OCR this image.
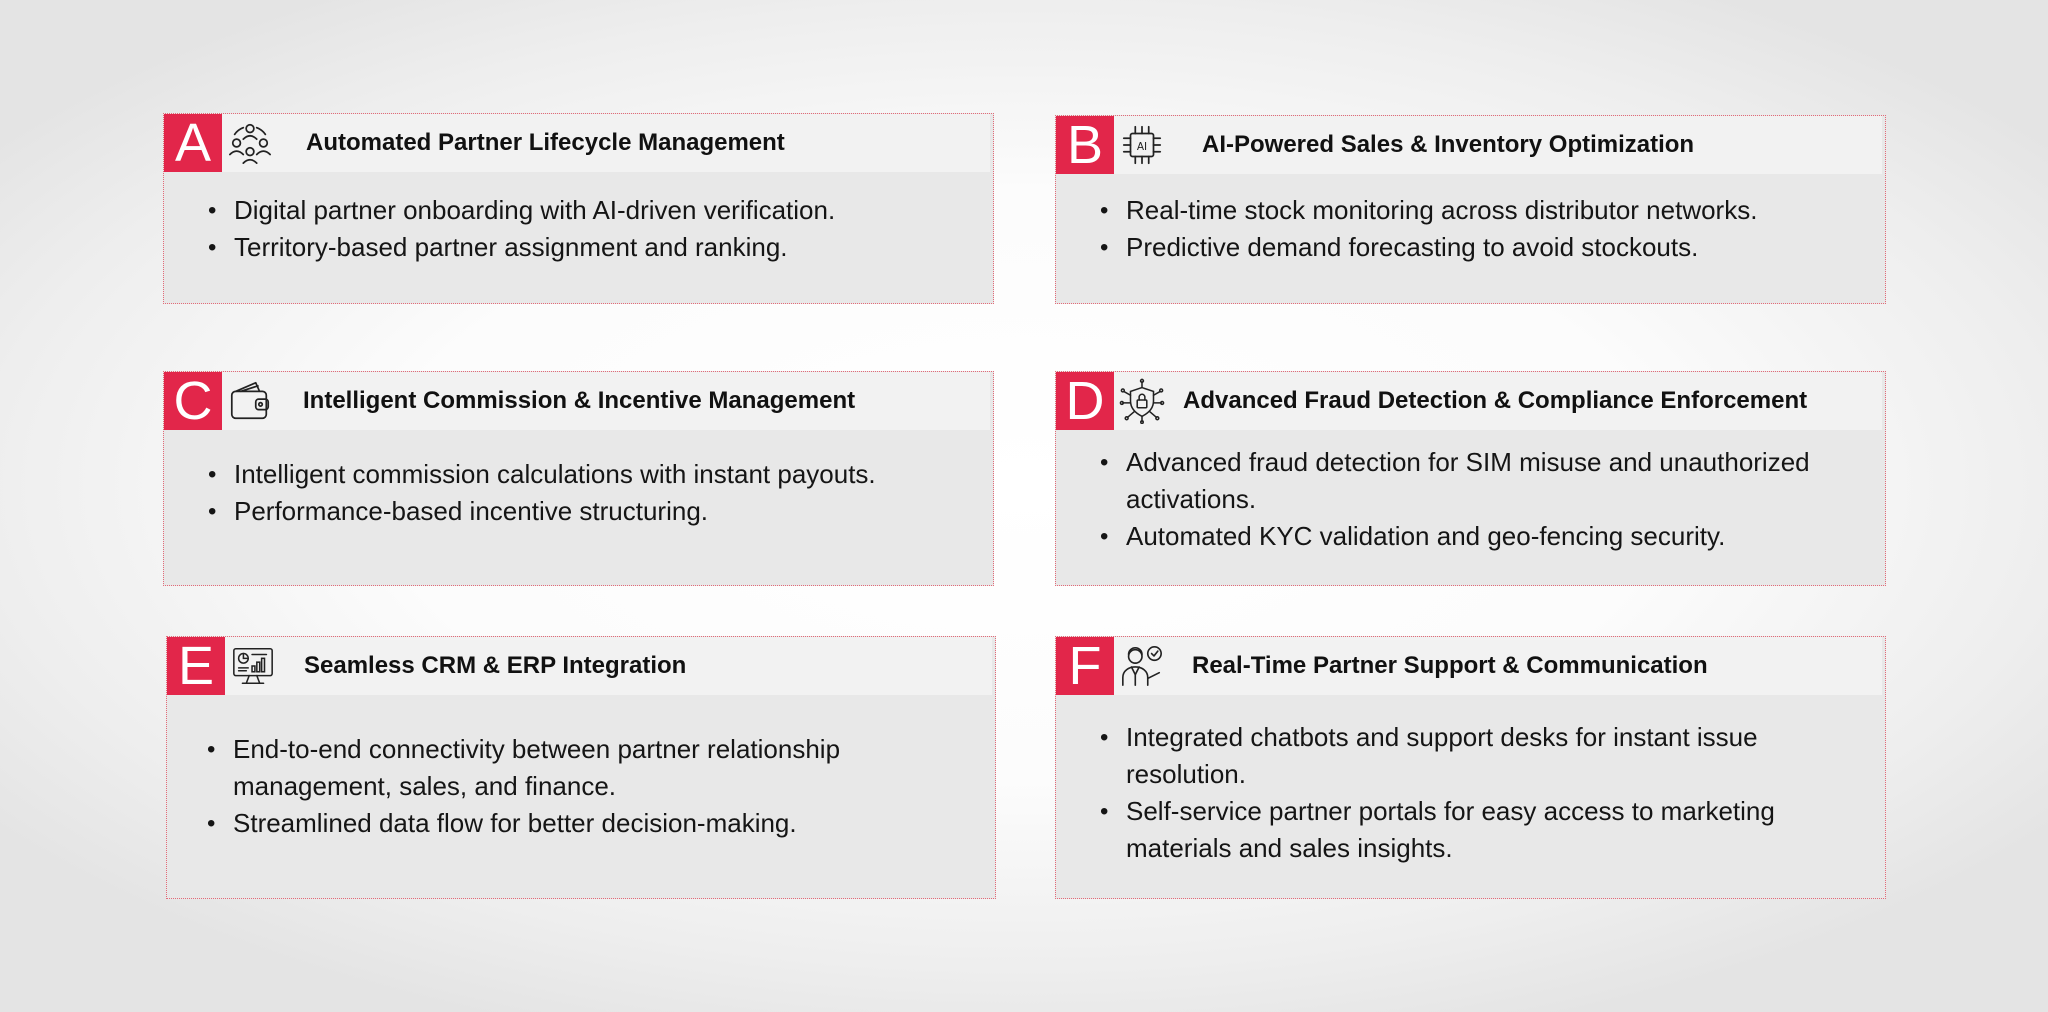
A	Automated Partner Lifecycle Management
• Digital partner onboarding with AI-driven verification.
• Territory-based partner assignment and ranking.
B	AI AI-Powered Sales & Inventory Optimization
• Real-time stock monitoring across distributor networks.
• Predictive demand forecasting to avoid stockouts.
C	Intelligent Commission & Incentive Management
• Intelligent commission calculations with instant payouts.
• Performance-based incentive structuring.
D	Advanced Fraud Detection & Compliance Enforcement
• Advanced fraud detection for SIM misuse and unauthorized activations.
• Automated KYC validation and geo-fencing security.
E	Seamless CRM & ERP Integration
• End-to-end connectivity between partner relationship management, sales, and finance.
• Streamlined data flow for better decision-making.
F	Real-Time Partner Support & Communication
• Integrated chatbots and support desks for instant issue resolution.
• Self-service partner portals for easy access to marketing materials and sales insights.
